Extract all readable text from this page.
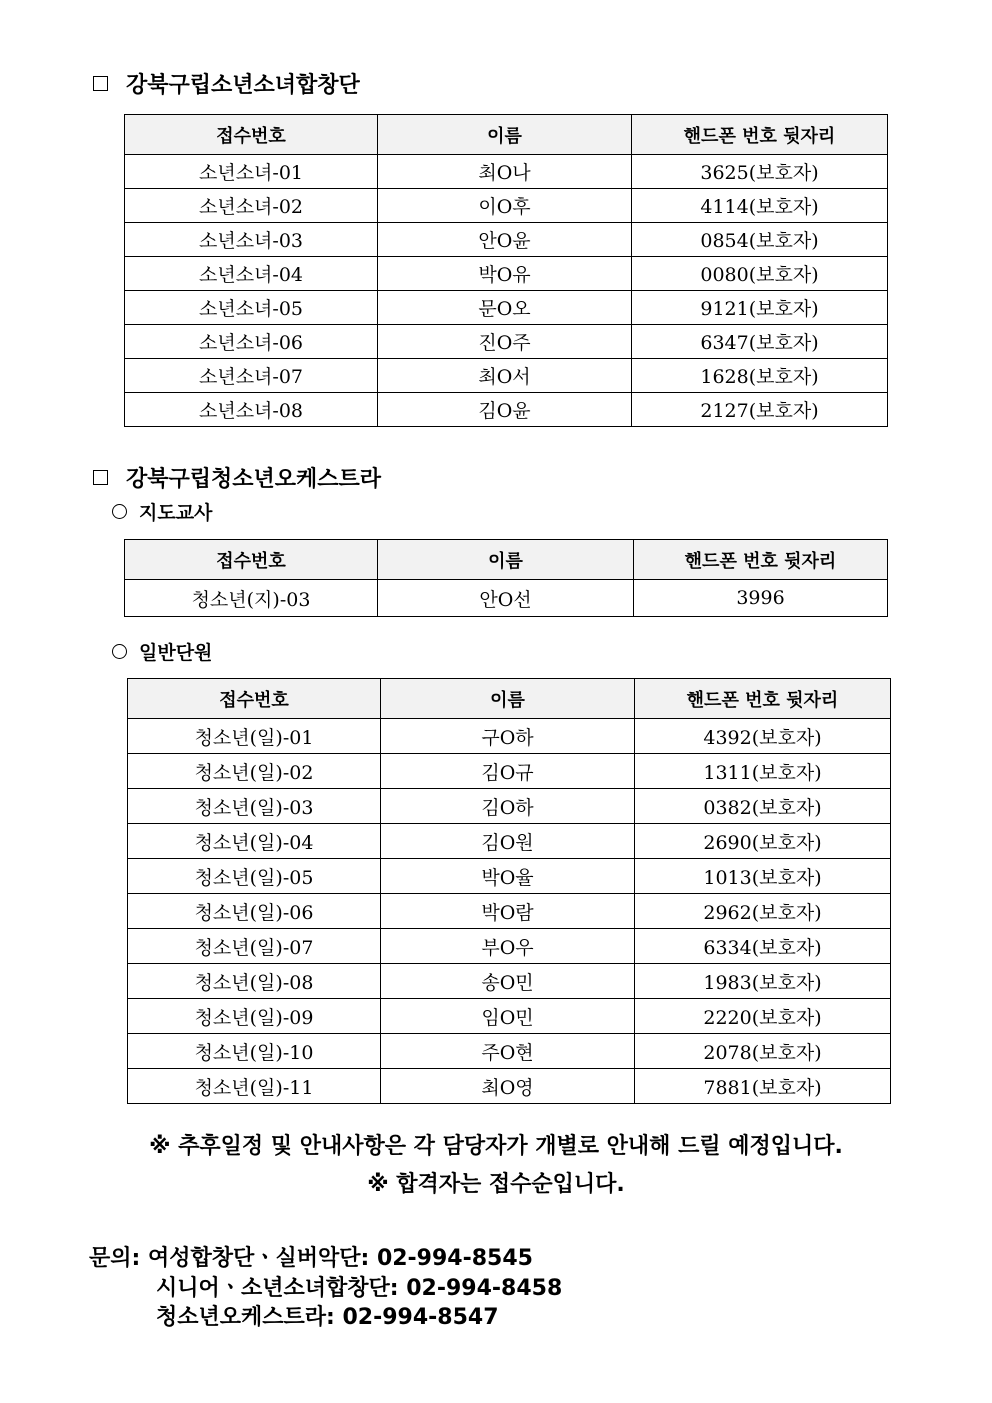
강북구립소년소녀합창단
접수번호	이름	핸드폰 번호 뒷자리
소년소녀-01	최O나	3625(보호자)
소년소녀-02	이O후	4114(보호자)
소년소녀-03	안O윤	0854(보호자)
소년소녀-04	박O유	0080(보호자)
소년소녀-05	문O오	9121(보호자)
소년소녀-06	진O주	6347(보호자)
소년소녀-07	최O서	1628(보호자)
소년소녀-08	김O윤	2127(보호자)
강북구립청소년오케스트라
지도교사
접수번호	이름	핸드폰 번호 뒷자리
청소년(지)-03	안O선	3996
일반단원
접수번호	이름	핸드폰 번호 뒷자리
청소년(일)-01	구O하	4392(보호자)
청소년(일)-02	김O규	1311(보호자)
청소년(일)-03	김O하	0382(보호자)
청소년(일)-04	김O원	2690(보호자)
청소년(일)-05	박O율	1013(보호자)
청소년(일)-06	박O람	2962(보호자)
청소년(일)-07	부O우	6334(보호자)
청소년(일)-08	송O민	1983(보호자)
청소년(일)-09	임O민	2220(보호자)
청소년(일)-10	주O현	2078(보호자)
청소년(일)-11	최O영	7881(보호자)
※ 추후일정 및 안내사항은 각 담당자가 개별로 안내해 드릴 예정입니다.
※ 합격자는 접수순입니다.
문의: 여성합창단ㆍ실버악단: 02-994-8545
시니어ㆍ소년소녀합창단: 02-994-8458
청소년오케스트라: 02-994-8547
